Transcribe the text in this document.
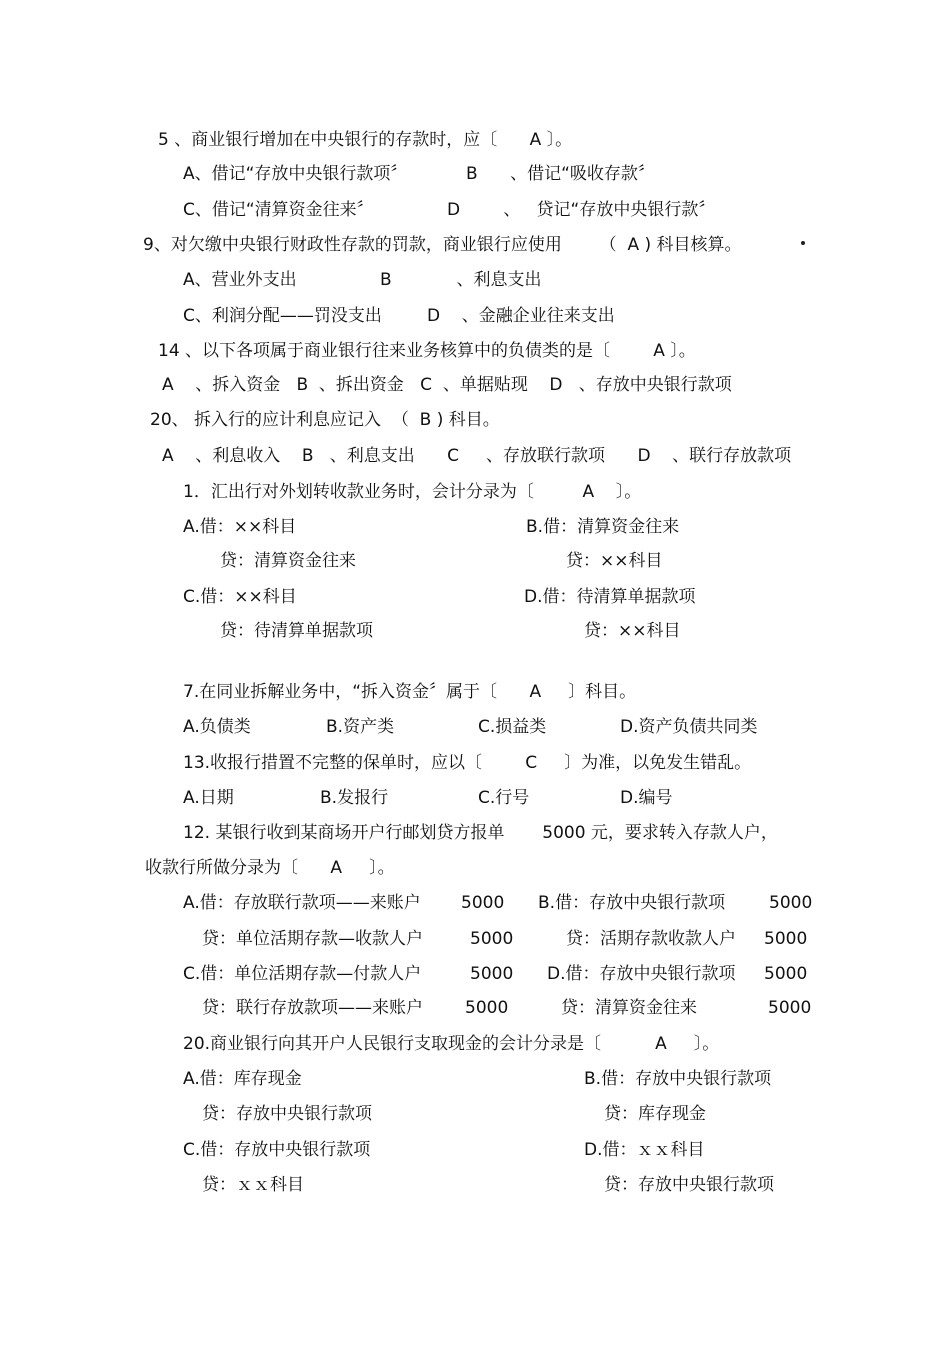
5 、商业银行增加在中央银行的存款时，应〔      A 〕。
A、借记“存放中央银行款项〞	B      、借记“吸收存款〞
C、借记“清算资金往来〞	D        、   贷记“存放中央银行款〞
9、对欠缴中央银行财政性存款的罚款，商业银行应使用       （  A ) 科目核算。
A、营业外支出	B            、利息支出
C、利润分配——罚没支出	D    、金融企业往来支出
14 、以下各项属于商业银行往来业务核算中的负债类的是〔        A 〕。
A    、拆入资金   B  、拆出资金   C  、单据贴现    D   、存放中央银行款项
20、 拆入行的应计利息应记入  （  B ) 科目。
A    、利息收入    B   、利息支出      C     、存放联行款项      D    、联行存放款项
1．汇出行对外划转收款业务时，会计分录为〔         A    〕。
A.借：××科目	B.借：清算资金往来
贷：清算资金往来	贷：××科目
C.借：××科目	D.借：待清算单据款项
贷：待清算单据款项	贷：××科目
7.在同业拆解业务中，“拆入资金〞属于〔      A     〕科目。
A.负债类	B.资产类	C.损益类	D.资产负债共同类
13.收报行措置不完整的保单时，应以〔        C     〕为准，以免发生错乱。
A.日期	B.发报行	C.行号	D.编号
12. 某银行收到某商场开户行邮划贷方报单       5000 元，要求转入存款人户，
收款行所做分录为〔      A     〕。
A.借：存放联行款项——来账户 5000 B.借：存放中央银行款项	5000
贷：单位活期存款—收款人户	5000	贷：活期存款收款人户 5000
C.借：单位活期存款—付款人户	5000 D.借：存放中央银行款项 5000
贷：联行存放款项——来账户 5000	贷：清算资金往来	5000
20.商业银行向其开户人民银行支取现金的会计分录是〔          A     〕。
A.借：库存现金	B.借：存放中央银行款项
贷：存放中央银行款项	贷：库存现金
C.借：存放中央银行款项	D.借：ｘｘ科目
贷：ｘｘ科目	贷：存放中央银行款项
